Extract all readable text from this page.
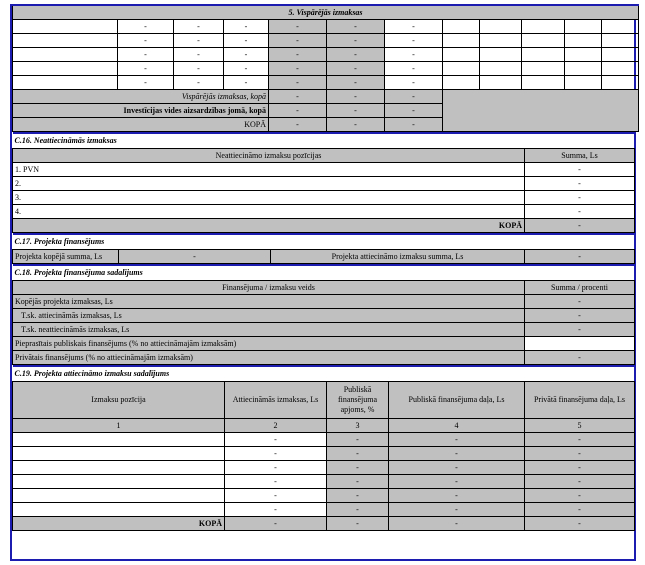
5. Vispārējās izmaksas											
	-	-	-	-	-	-					
	-	-	-	-	-	-					
	-	-	-	-	-	-					
	-	-	-	-	-	-					
	-	-	-	-	-	-					
Vispārējās izmaksas, kopā				-	-	-					
Investīcijas vides aizsardzības jomā, kopā				-	-	-					
KOPĀ				-	-	-					
C.16. Neattiecināmās izmaksas	
Neattiecināmo izmaksu pozīcijas	Summa, Ls
1. PVN	-
2.	-
3.	-
4.	-
KOPĀ	-
C.17. Projekta finansējums
Projekta kopējā summa, Ls	-	Projekta attiecināmo izmaksu summa, Ls	-
C.18. Projekta finansējuma sadalījums	
Finansējuma / izmaksu veids	Summa / procenti
Kopējās projekta izmaksas, Ls	-
T.sk. attiecināmās izmaksas, Ls	-
T.sk. neattiecināmās izmaksas, Ls	-
Pieprasītais publiskais finansējums (% no attiecināmajām izmaksām)	
Privātais finansējums (% no attiecināmajām izmaksām)	-
C.19. Projekta attiecināmo izmaksu sadalījums				
Izmaksu pozīcija	Attiecināmās izmaksas, Ls	Publiskā finansējuma apjoms, %	Publiskā finansējuma daļa, Ls	Privātā finansējuma daļa, Ls
1	2	3	4	5
	-	-	-	-
	-	-	-	-
	-	-	-	-
	-	-	-	-
	-	-	-	-
	-	-	-	-
KOPĀ	-	-	-	-
